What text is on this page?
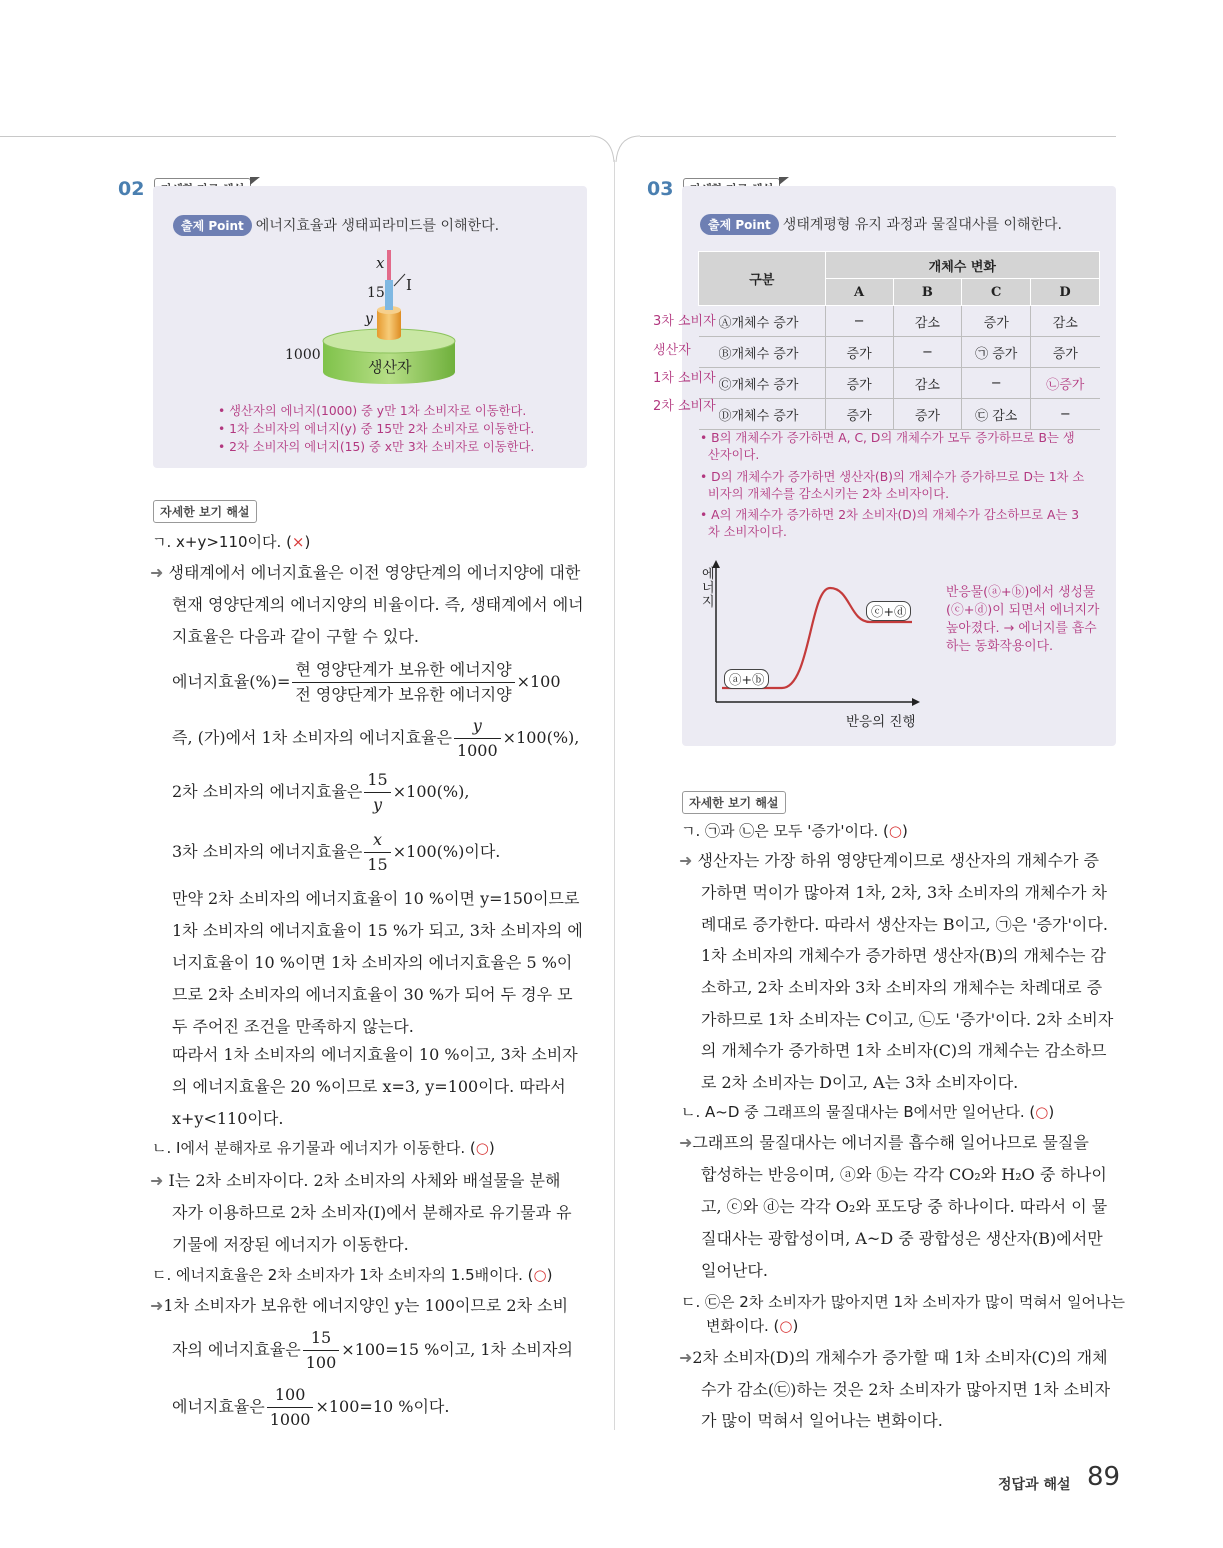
02
출제 Point 에너지효율과 생태피라미드를 이해한다.
x
I
15
y
1000
생산자
• 생산자의 에너지(1000) 중 y만 1차 소비자로 이동한다.
• 1차 소비자의 에너지(y) 중 15만 2차 소비자로 이동한다.
• 2차 소비자의 에너지(15) 중 x만 3차 소비자로 이동한다.
자세한 보기 해설
ㄱ. x+y>110이다. (×)
➜ 생태계에서 에너지효율은 이전 영양단계의 에너지양에 대한
현재 영양단계의 에너지양의 비율이다. 즉, 생태계에서 에너
지효율은 다음과 같이 구할 수 있다.
에너지효율(%)= $\frac{\text{현 영양단계가 보유한 에너지양}}{\text{전 영양단계가 보유한 에너지양}} \times 100$
즉, (가)에서 1차 소비자의 에너지효율은 $\frac{y}{1000} \times 100(\%)$,
2차 소비자의 에너지효율은 $\frac{15}{y} \times 100(\%)$,
3차 소비자의 에너지효율은 $\frac{x}{15} \times 100(\%)$이다.
만약 2차 소비자의 에너지효율이 10 %이면 y=150이므로
1차 소비자의 에너지효율이 15 %가 되고, 3차 소비자의 에
너지효율이 10 %이면 1차 소비자의 에너지효율은 5 %이
므로 2차 소비자의 에너지효율이 30 %가 되어 두 경우 모
두 주어진 조건을 만족하지 않는다.
따라서 1차 소비자의 에너지효율이 10 %이고, 3차 소비자
의 에너지효율은 20 %이므로 x=3, y=100이다. 따라서
x+y<110이다.
ㄴ. I에서 분해자로 유기물과 에너지가 이동한다. (○)
➜ I는 2차 소비자이다. 2차 소비자의 사체와 배설물을 분해
자가 이용하므로 2차 소비자(I)에서 분해자로 유기물과 유
기물에 저장된 에너지가 이동한다.
ㄷ. 에너지효율은 2차 소비자가 1차 소비자의 1.5배이다. (○)
➜1차 소비자가 보유한 에너지양인 y는 100이므로 2차 소비
자의 에너지효율은 $\frac{15}{100} \times 100=15$ %이고, 1차 소비자의
에너지효율은 $\frac{100}{1000} \times 100=10$ %이다.
03
출제 Point 생태계평형 유지 과정과 물질대사를 이해한다.
구분	개체수 변화			
	A	B	C	D
Ⓐ개체수 증가	−	감소	증가	감소
Ⓑ개체수 증가	증가	−	㉠ 증가	증가
Ⓒ개체수 증가	증가	감소	−	㉡증가
Ⓓ개체수 증가	증가	증가	㉢ 감소	−
3차 소비자
생산자
1차 소비자
2차 소비자
• B의 개체수가 증가하면 A, C, D의 개체수가 모두 증가하므로 B는 생
산자이다.
• D의 개체수가 증가하면 생산자(B)의 개체수가 증가하므로 D는 1차 소
비자의 개체수를 감소시키는 2차 소비자이다.
• A의 개체수가 증가하면 2차 소비자(D)의 개체수가 감소하므로 A는 3
차 소비자이다.
에너지
ⓐ+ⓑ
ⓒ+ⓓ
반응의 진행
반응물(ⓐ+ⓑ)에서 생성물
(ⓒ+ⓓ)이 되면서 에너지가
높아졌다. → 에너지를 흡수
하는 동화작용이다.
자세한 보기 해설
ㄱ. ㉠과 ㉡은 모두 '증가'이다. (○)
➜ 생산자는 가장 하위 영양단계이므로 생산자의 개체수가 증
가하면 먹이가 많아져 1차, 2차, 3차 소비자의 개체수가 차
례대로 증가한다. 따라서 생산자는 B이고, ㉠은 '증가'이다.
1차 소비자의 개체수가 증가하면 생산자(B)의 개체수는 감
소하고, 2차 소비자와 3차 소비자의 개체수는 차례대로 증
가하므로 1차 소비자는 C이고, ㉡도 '증가'이다. 2차 소비자
의 개체수가 증가하면 1차 소비자(C)의 개체수는 감소하므
로 2차 소비자는 D이고, A는 3차 소비자이다.
ㄴ. A~D 중 그래프의 물질대사는 B에서만 일어난다. (○)
➜그래프의 물질대사는 에너지를 흡수해 일어나므로 물질을
합성하는 반응이며, ⓐ와 ⓑ는 각각 CO₂와 H₂O 중 하나이
고, ⓒ와 ⓓ는 각각 O₂와 포도당 중 하나이다. 따라서 이 물
질대사는 광합성이며, A~D 중 광합성은 생산자(B)에서만
일어난다.
ㄷ. ㉢은 2차 소비자가 많아지면 1차 소비자가 많이 먹혀서 일어나는
변화이다. (○)
➜2차 소비자(D)의 개체수가 증가할 때 1차 소비자(C)의 개체
수가 감소(㉢)하는 것은 2차 소비자가 많아지면 1차 소비자
가 많이 먹혀서 일어나는 변화이다.
정답과 해설 89
